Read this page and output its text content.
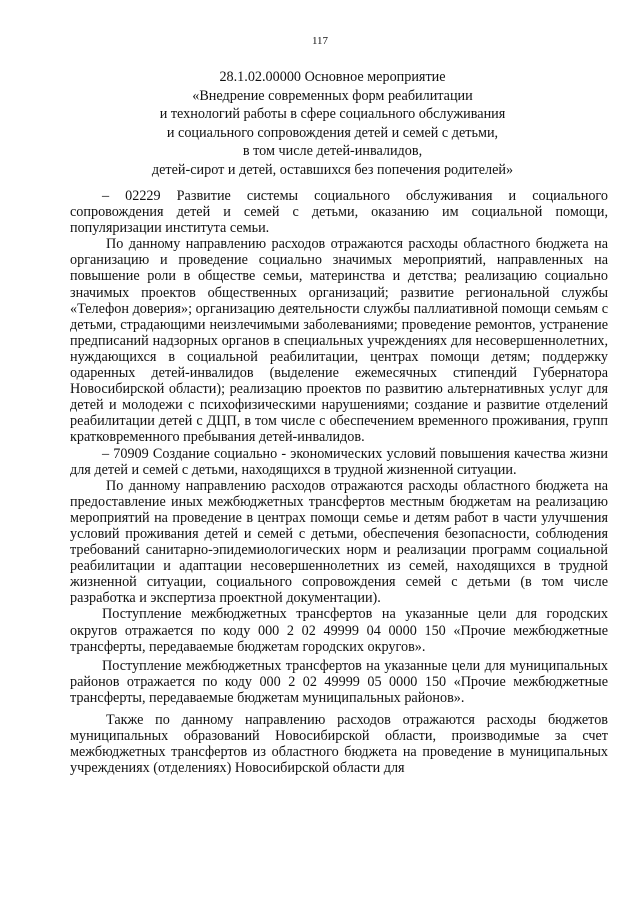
117
28.1.02.00000 Основное мероприятие
«Внедрение современных форм реабилитации
и технологий работы в сфере социального обслуживания
и социального сопровождения детей и семей с детьми,
в том числе детей-инвалидов,
детей-сирот и детей, оставшихся без попечения родителей»

– 02229 Развитие системы социального обслуживания и социального сопровождения детей и семей с детьми, оказанию им социальной помощи, популяризации института семьи.

По данному направлению расходов отражаются расходы областного бюджета на организацию и проведение социально значимых мероприятий, направленных на повышение роли в обществе семьи, материнства и детства; реализацию социально значимых проектов общественных организаций; развитие региональной службы «Телефон доверия»; организацию деятельности службы паллиативной помощи семьям с детьми, страдающими неизлечимыми заболеваниями; проведение ремонтов, устранение предписаний надзорных органов в специальных учреждениях для несовершеннолетних, нуждающихся в социальной реабилитации, центрах помощи детям; поддержку одаренных детей-инвалидов (выделение ежемесячных стипендий Губернатора Новосибирской области); реализацию проектов по развитию альтернативных услуг для детей и молодежи с психофизическими нарушениями; создание и развитие отделений реабилитации детей с ДЦП, в том числе с обеспечением временного проживания, групп кратковременного пребывания детей-инвалидов.

– 70909 Создание социально - экономических условий повышения качества жизни для детей и семей с детьми, находящихся в трудной жизненной ситуации.

По данному направлению расходов отражаются расходы областного бюджета на предоставление иных межбюджетных трансфертов местным бюджетам на реализацию мероприятий на проведение в центрах помощи семье и детям работ в части улучшения условий проживания детей и семей с детьми, обеспечения безопасности, соблюдения требований санитарно-эпидемиологических норм и реализации программ социальной реабилитации и адаптации несовершеннолетних из семей, находящихся в трудной жизненной ситуации, социального сопровождения семей с детьми (в том числе разработка и экспертиза проектной документации).

Поступление межбюджетных трансфертов на указанные цели для городских округов отражается по коду 000 2 02 49999 04 0000 150 «Прочие межбюджетные трансферты, передаваемые бюджетам городских округов».

Поступление межбюджетных трансфертов на указанные цели для муниципальных районов отражается по коду 000 2 02 49999 05 0000 150 «Прочие межбюджетные трансферты, передаваемые бюджетам муниципальных районов».

Также по данному направлению расходов отражаются расходы бюджетов муниципальных образований Новосибирской области, производимые за счет межбюджетных трансфертов из областного бюджета на проведение в муниципальных учреждениях (отделениях) Новосибирской области для
